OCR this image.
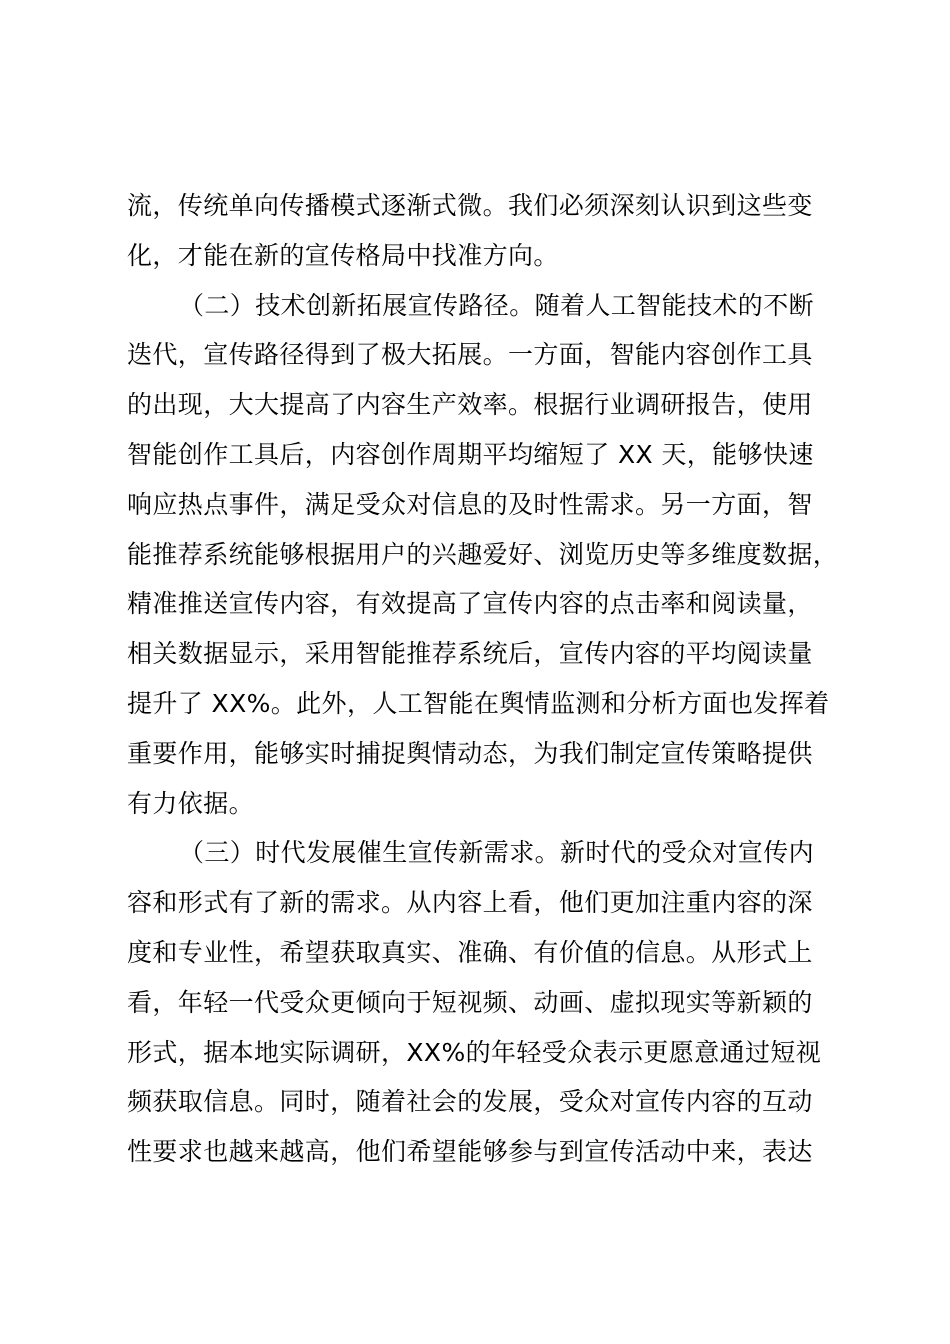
流，传统单向传播模式逐渐式微。我们必须深刻认识到这些变
化，才能在新的宣传格局中找准方向。
（二）技术创新拓展宣传路径。随着人工智能技术的不断
迭代，宣传路径得到了极大拓展。一方面，智能内容创作工具
的出现，大大提高了内容生产效率。根据行业调研报告，使用
智能创作工具后，内容创作周期平均缩短了 XX 天，能够快速
响应热点事件，满足受众对信息的及时性需求。另一方面，智
能推荐系统能够根据用户的兴趣爱好、浏览历史等多维度数据，
精准推送宣传内容，有效提高了宣传内容的点击率和阅读量，
相关数据显示，采用智能推荐系统后，宣传内容的平均阅读量
提升了 XX%。此外，人工智能在舆情监测和分析方面也发挥着
重要作用，能够实时捕捉舆情动态，为我们制定宣传策略提供
有力依据。
（三）时代发展催生宣传新需求。新时代的受众对宣传内
容和形式有了新的需求。从内容上看，他们更加注重内容的深
度和专业性，希望获取真实、准确、有价值的信息。从形式上
看，年轻一代受众更倾向于短视频、动画、虚拟现实等新颖的
形式，据本地实际调研，XX%的年轻受众表示更愿意通过短视
频获取信息。同时，随着社会的发展，受众对宣传内容的互动
性要求也越来越高，他们希望能够参与到宣传活动中来，表达
